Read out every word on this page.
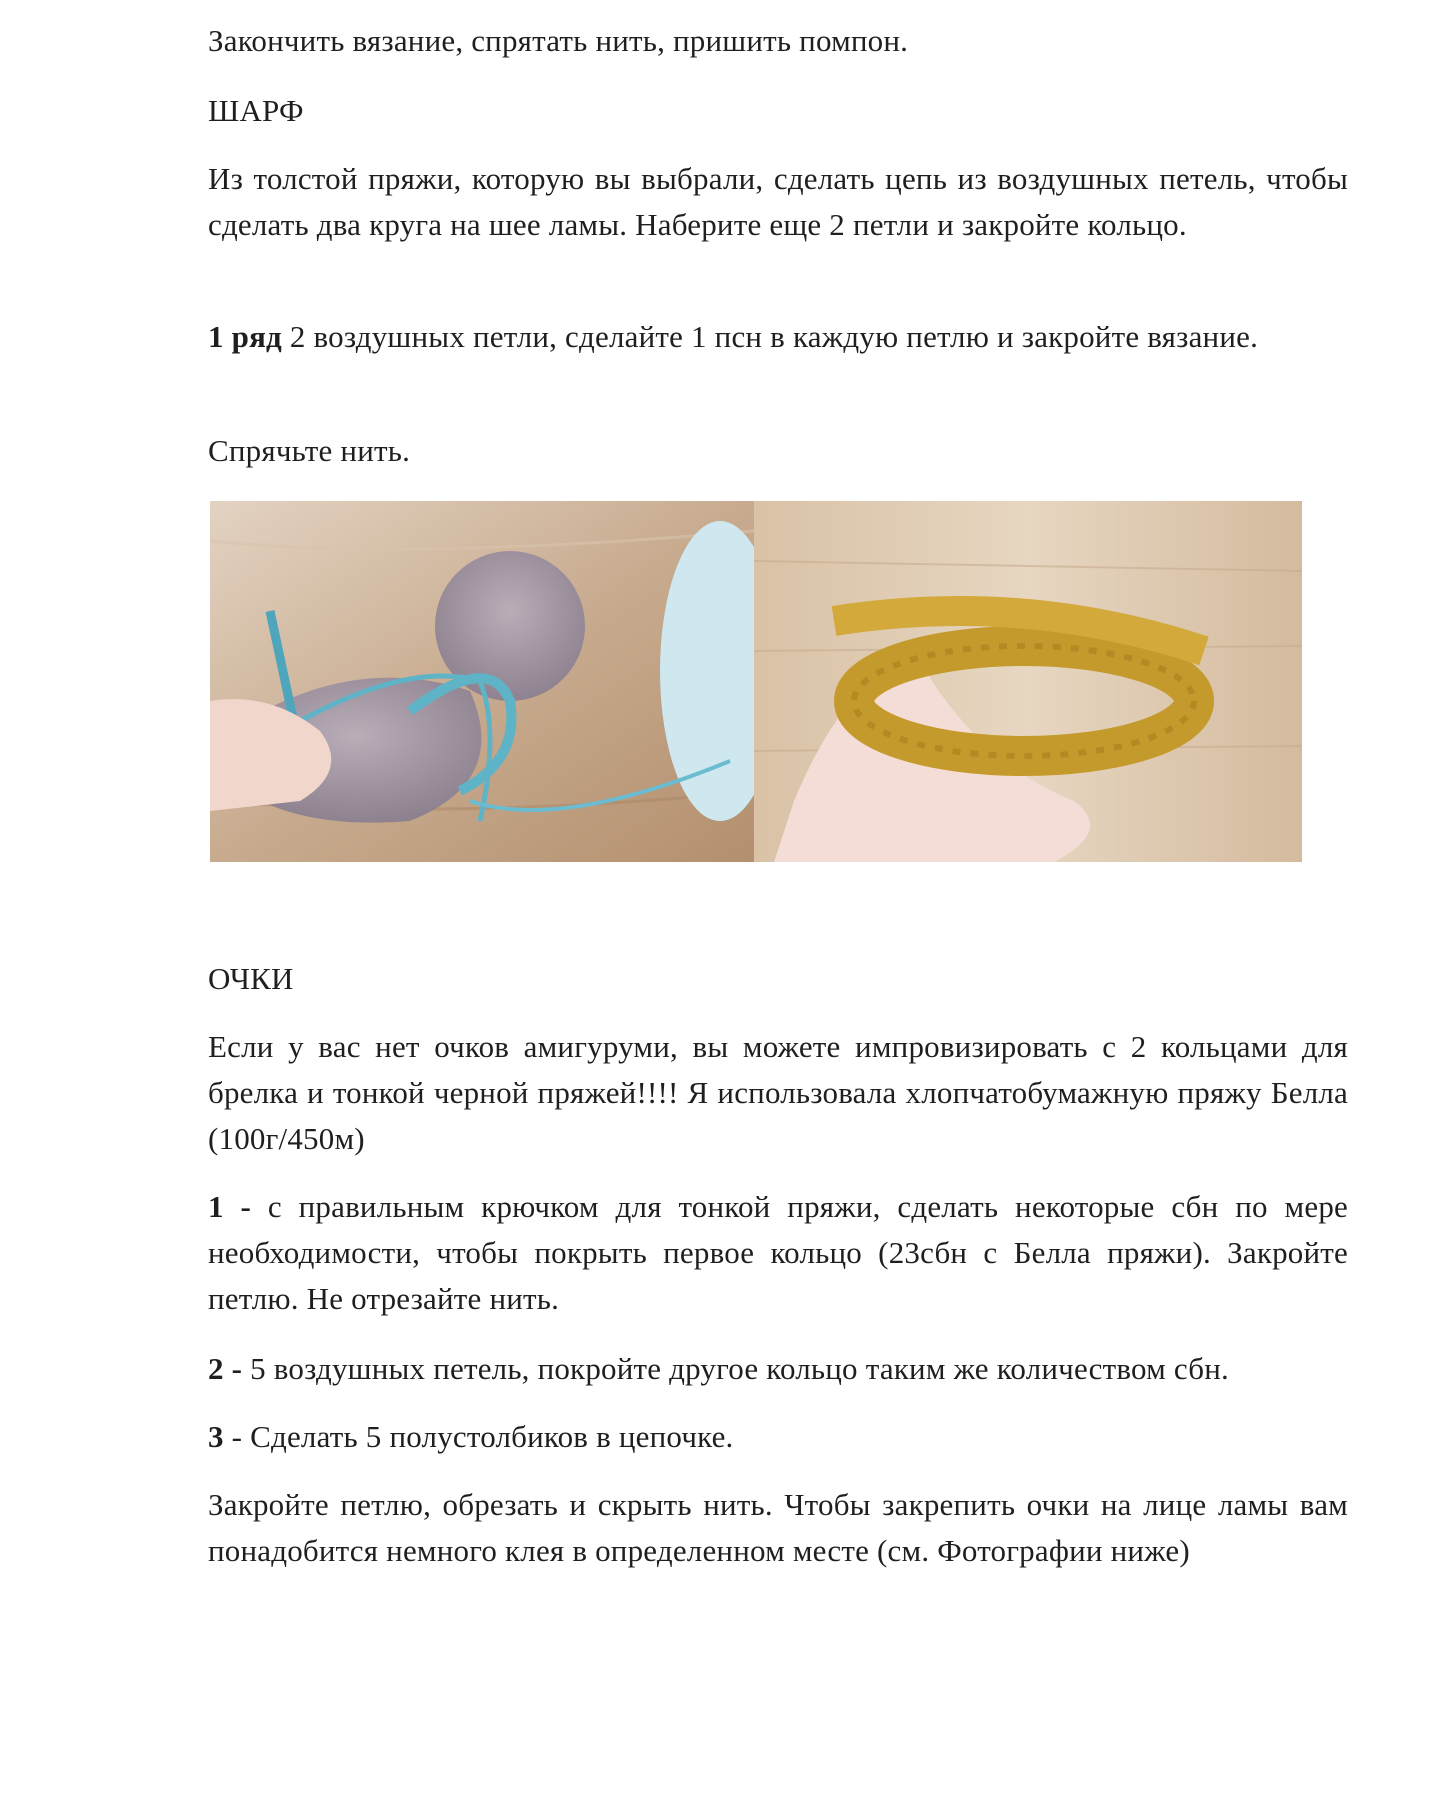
Закончить вязание, спрятать нить, пришить помпон.

ШАРФ

Из толстой пряжи, которую вы выбрали, сделать цепь из воздушных петель, чтобы сделать два круга на шее ламы. Наберите еще 2 петли и закройте кольцо.

1 ряд 2 воздушных петли, сделайте 1 псн в каждую петлю и закройте вязание.

Спрячьте нить.

ОЧКИ

Если у вас нет очков амигуруми, вы можете импровизировать с 2 кольцами для брелка и тонкой черной пряжей!!!! Я использовала хлопчатобумажную пряжу Белла (100г/450м)

1 - с правильным крючком для тонкой пряжи, сделать некоторые сбн по мере необходимости, чтобы покрыть первое кольцо (23сбн с Белла пряжи). Закройте петлю. Не отрезайте нить.

2 - 5 воздушных петель, покройте другое кольцо таким же количеством сбн.

3 - Сделать 5 полустолбиков в цепочке.

Закройте петлю, обрезать и скрыть нить. Чтобы закрепить очки на лице ламы вам понадобится немного клея в определенном месте (см. Фотографии ниже)
